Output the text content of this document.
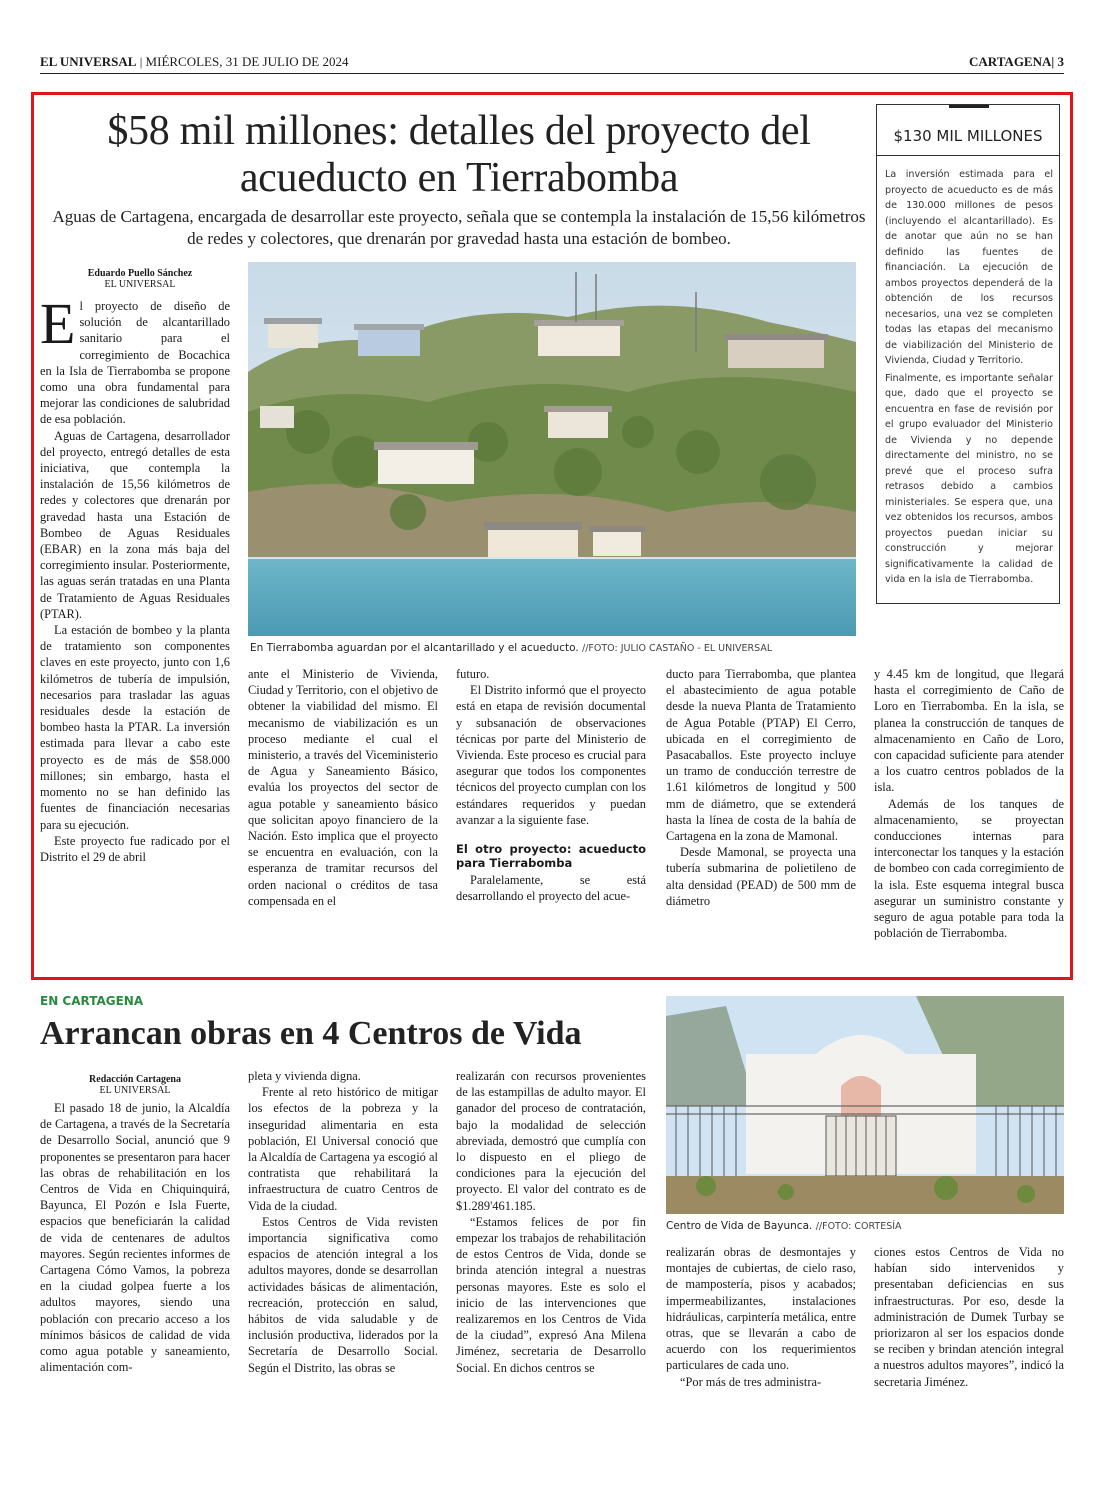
EL UNIVERSAL | MIÉRCOLES, 31 DE JULIO DE 2024	CARTAGENA| 3
$58 mil millones: detalles del proyecto del acueducto en Tierrabomba
Aguas de Cartagena, encargada de desarrollar este proyecto, señala que se contempla la instalación de 15,56 kilómetros de redes y colectores, que drenarán por gravedad hasta una estación de bombeo.
Eduardo Puello Sánchez
EL UNIVERSAL

El proyecto de diseño de solución de alcantarillado sanitario para el corregimiento de Bocachica en la Isla de Tierrabomba se propone como una obra fundamental para mejorar las condiciones de salubridad de esa población.

Aguas de Cartagena, desarrollador del proyecto, entregó detalles de esta iniciativa, que contempla la instalación de 15,56 kilómetros de redes y colectores que drenarán por gravedad hasta una Estación de Bombeo de Aguas Residuales (EBAR) en la zona más baja del corregimiento insular. Posteriormente, las aguas serán tratadas en una Planta de Tratamiento de Aguas Residuales (PTAR).

La estación de bombeo y la planta de tratamiento son componentes claves en este proyecto, junto con 1,6 kilómetros de tubería de impulsión, necesarios para trasladar las aguas residuales desde la estación de bombeo hasta la PTAR. La inversión estimada para llevar a cabo este proyecto es de más de $58.000 millones; sin embargo, hasta el momento no se han definido las fuentes de financiación necesarias para su ejecución.

Este proyecto fue radicado por el Distrito el 29 de abril

En Tierrabomba aguardan por el alcantarillado y el acueducto. //FOTO: JULIO CASTAÑO - EL UNIVERSAL

ante el Ministerio de Vivienda, Ciudad y Territorio, con el objetivo de obtener la viabilidad del mismo. El mecanismo de viabilización es un proceso mediante el cual el ministerio, a través del Viceministerio de Agua y Saneamiento Básico, evalúa los proyectos del sector de agua potable y saneamiento básico que solicitan apoyo financiero de la Nación. Esto implica que el proyecto se encuentra en evaluación, con la esperanza de tramitar recursos del orden nacional o créditos de tasa compensada en el

futuro.

El Distrito informó que el proyecto está en etapa de revisión documental y subsanación de observaciones técnicas por parte del Ministerio de Vivienda. Este proceso es crucial para asegurar que todos los componentes técnicos del proyecto cumplan con los estándares requeridos y puedan avanzar a la siguiente fase.

El otro proyecto: acueducto para Tierrabomba

Paralelamente, se está desarrollando el proyecto del acue-

ducto para Tierrabomba, que plantea el abastecimiento de agua potable desde la nueva Planta de Tratamiento de Agua Potable (PTAP) El Cerro, ubicada en el corregimiento de Pasacaballos. Este proyecto incluye un tramo de conducción terrestre de 1.61 kilómetros de longitud y 500 mm de diámetro, que se extenderá hasta la línea de costa de la bahía de Cartagena en la zona de Mamonal.

Desde Mamonal, se proyecta una tubería submarina de polietileno de alta densidad (PEAD) de 500 mm de diámetro

y 4.45 km de longitud, que llegará hasta el corregimiento de Caño de Loro en Tierrabomba. En la isla, se planea la construcción de tanques de almacenamiento en Caño de Loro, con capacidad suficiente para atender a los cuatro centros poblados de la isla.

Además de los tanques de almacenamiento, se proyectan conducciones internas para interconectar los tanques y la estación de bombeo con cada corregimiento de la isla. Este esquema integral busca asegurar un suministro constante y seguro de agua potable para toda la población de Tierrabomba.

$130 MIL MILLONES

La inversión estimada para el proyecto de acueducto es de más de 130.000 millones de pesos (incluyendo el alcantarillado). Es de anotar que aún no se han definido las fuentes de financiación. La ejecución de ambos proyectos dependerá de la obtención de los recursos necesarios, una vez se completen todas las etapas del mecanismo de viabilización del Ministerio de Vivienda, Ciudad y Territorio.

Finalmente, es importante señalar que, dado que el proyecto se encuentra en fase de revisión por el grupo evaluador del Ministerio de Vivienda y no depende directamente del ministro, no se prevé que el proceso sufra retrasos debido a cambios ministeriales. Se espera que, una vez obtenidos los recursos, ambos proyectos puedan iniciar su construcción y mejorar significativamente la calidad de vida en la isla de Tierrabomba.

EN CARTAGENA
Arrancan obras en 4 Centros de Vida
Redacción Cartagena
EL UNIVERSAL

El pasado 18 de junio, la Alcaldía de Cartagena, a través de la Secretaría de Desarrollo Social, anunció que 9 proponentes se presentaron para hacer las obras de rehabilitación en los Centros de Vida en Chiquinquirá, Bayunca, El Pozón e Isla Fuerte, espacios que beneficiarán la calidad de vida de centenares de adultos mayores. Según recientes informes de Cartagena Cómo Vamos, la pobreza en la ciudad golpea fuerte a los adultos mayores, siendo una población con precario acceso a los mínimos básicos de calidad de vida como agua potable y saneamiento, alimentación com-

pleta y vivienda digna.

Frente al reto histórico de mitigar los efectos de la pobreza y la inseguridad alimentaria en esta población, El Universal conoció que la Alcaldía de Cartagena ya escogió al contratista que rehabilitará la infraestructura de cuatro Centros de Vida de la ciudad.

Estos Centros de Vida revisten importancia significativa como espacios de atención integral a los adultos mayores, donde se desarrollan actividades básicas de alimentación, recreación, protección en salud, hábitos de vida saludable y de inclusión productiva, liderados por la Secretaría de Desarrollo Social. Según el Distrito, las obras se

realizarán con recursos provenientes de las estampillas de adulto mayor. El ganador del proceso de contratación, bajo la modalidad de selección abreviada, demostró que cumplía con lo dispuesto en el pliego de condiciones para la ejecución del proyecto. El valor del contrato es de $1.289'461.185.

“Estamos felices de por fin empezar los trabajos de rehabilitación de estos Centros de Vida, donde se brinda atención integral a nuestras personas mayores. Este es solo el inicio de las intervenciones que realizaremos en los Centros de Vida de la ciudad”, expresó Ana Milena Jiménez, secretaria de Desarrollo Social. En dichos centros se

Centro de Vida de Bayunca. //FOTO: CORTESÍA

realizarán obras de desmontajes y montajes de cubiertas, de cielo raso, de mampostería, pisos y acabados; impermeabilizantes, instalaciones hidráulicas, carpintería metálica, entre otras, que se llevarán a cabo de acuerdo con los requerimientos particulares de cada uno.

“Por más de tres administra-

ciones estos Centros de Vida no habían sido intervenidos y presentaban deficiencias en sus infraestructuras. Por eso, desde la administración de Dumek Turbay se priorizaron al ser los espacios donde se reciben y brindan atención integral a nuestros adultos mayores”, indicó la secretaria Jiménez.
